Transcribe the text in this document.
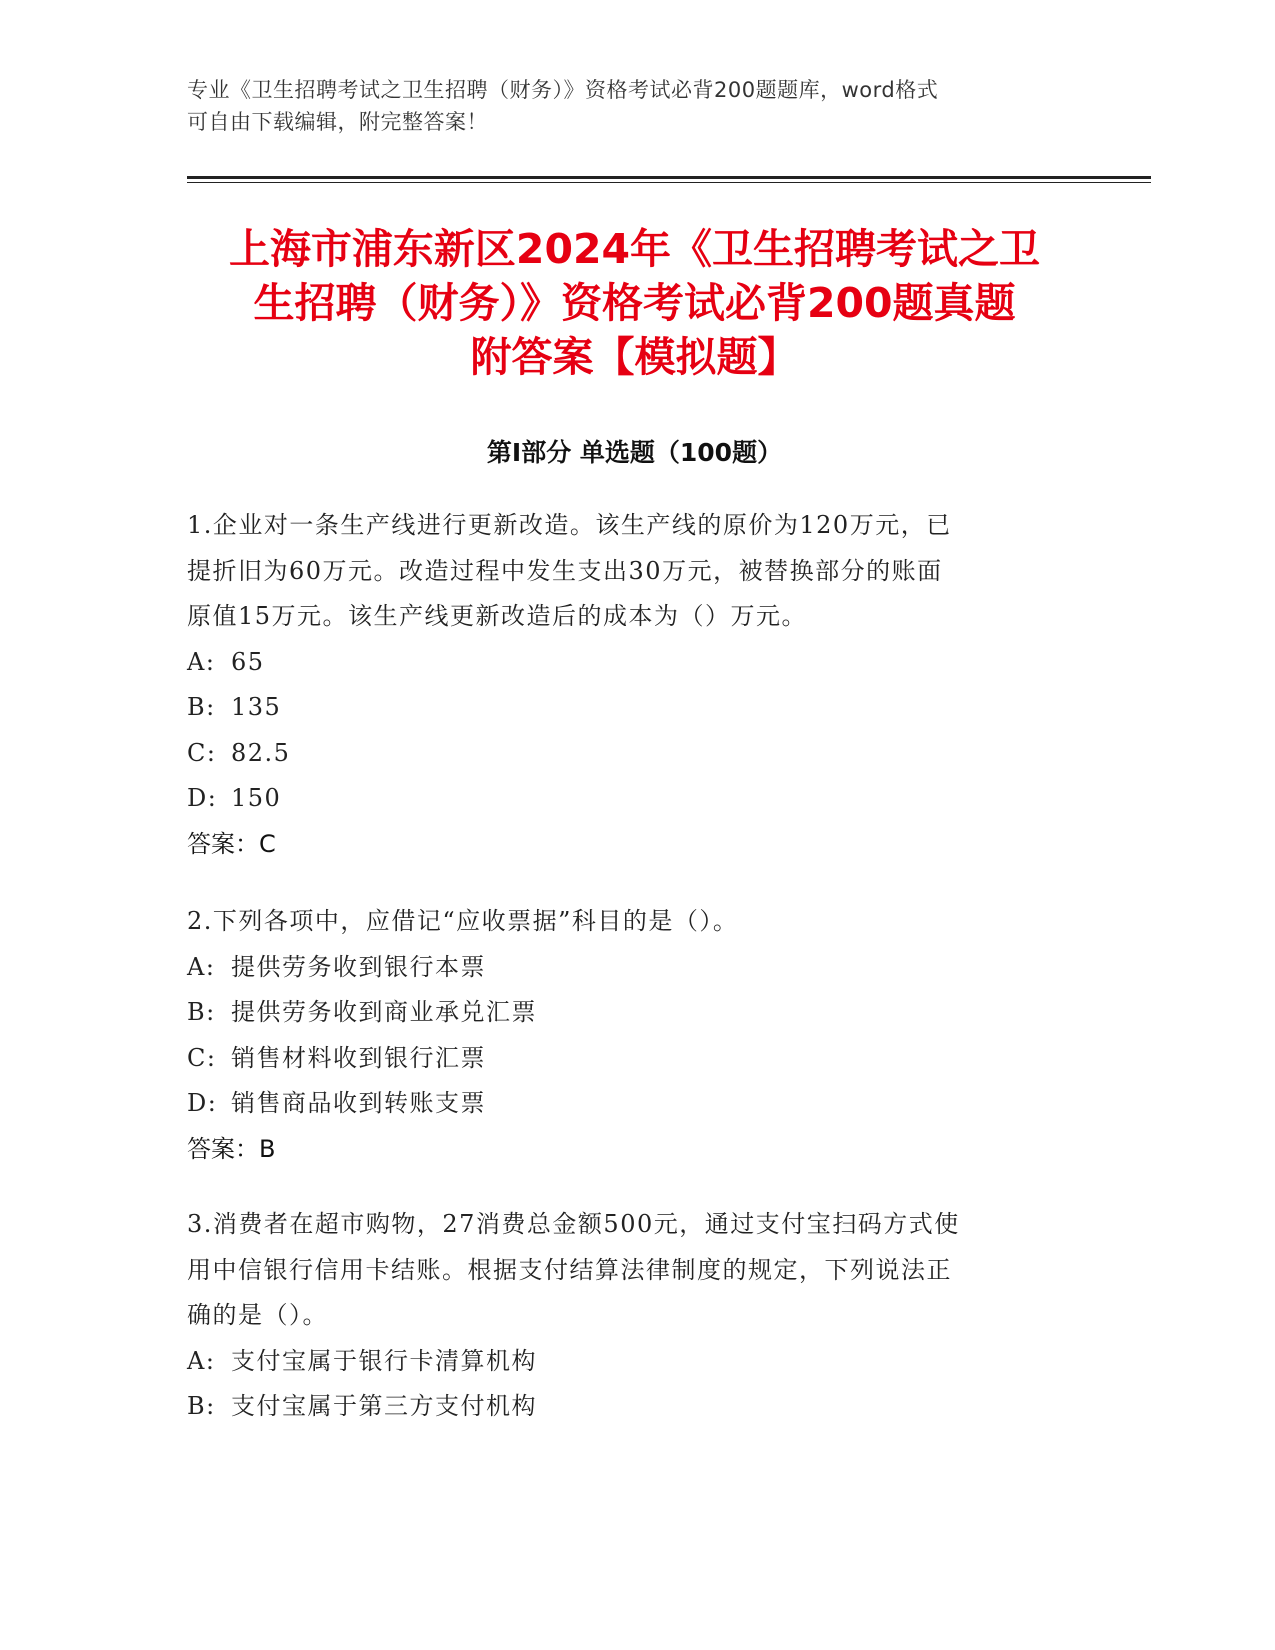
专业《卫生招聘考试之卫生招聘（财务）》资格考试必背200题题库，word格式
可自由下载编辑，附完整答案！
上海市浦东新区2024年《卫生招聘考试之卫
生招聘（财务）》资格考试必背200题真题
附答案【模拟题】
第Ⅰ部分 单选题（100题）

1.企业对一条生产线进行更新改造。该生产线的原价为120万元，已

提折旧为60万元。改造过程中发生支出30万元，被替换部分的账面

原值15万元。该生产线更新改造后的成本为（）万元。

A: 65

B: 135

C: 82.5

D: 150

答案：C

2.下列各项中，应借记“应收票据”科目的是（）。

A: 提供劳务收到银行本票

B: 提供劳务收到商业承兑汇票

C: 销售材料收到银行汇票

D: 销售商品收到转账支票

答案：B

3.消费者在超市购物，27消费总金额500元，通过支付宝扫码方式使

用中信银行信用卡结账。根据支付结算法律制度的规定，下列说法正

确的是（）。

A: 支付宝属于银行卡清算机构

B: 支付宝属于第三方支付机构
